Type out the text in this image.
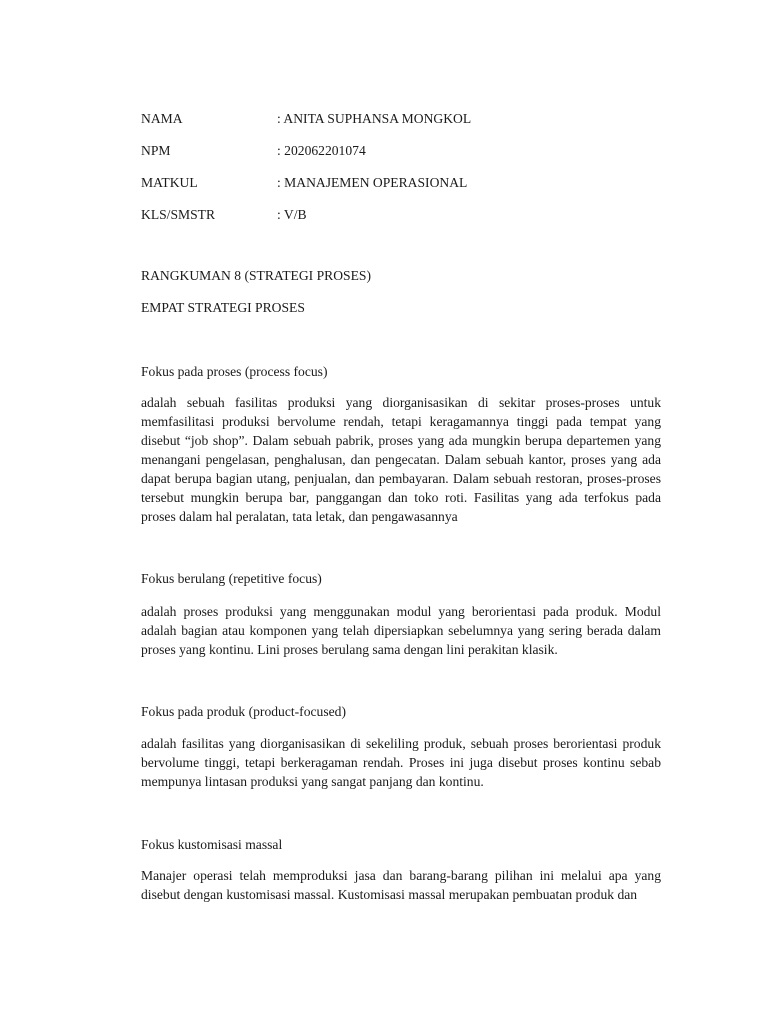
NAMA	: ANITA SUPHANSA MONGKOL
NPM	: 202062201074
MATKUL	: MANAJEMEN OPERASIONAL
KLS/SMSTR	: V/B
RANGKUMAN 8 (STRATEGI PROSES)
EMPAT STRATEGI PROSES
Fokus pada proses (process focus)
adalah sebuah fasilitas produksi yang diorganisasikan di sekitar proses-proses untuk memfasilitasi produksi bervolume rendah, tetapi keragamannya tinggi pada tempat yang disebut “job shop”. Dalam sebuah pabrik, proses yang ada mungkin berupa departemen yang menangani pengelasan, penghalusan, dan pengecatan. Dalam sebuah kantor, proses yang ada dapat berupa bagian utang, penjualan, dan pembayaran. Dalam sebuah restoran, proses-proses tersebut mungkin berupa bar, panggangan dan toko roti. Fasilitas yang ada terfokus pada proses dalam hal peralatan, tata letak, dan pengawasannya
Fokus berulang (repetitive focus)
adalah proses produksi yang menggunakan modul yang berorientasi pada produk. Modul adalah bagian atau komponen yang telah dipersiapkan sebelumnya yang sering berada dalam proses yang kontinu. Lini proses berulang sama dengan lini perakitan klasik.
Fokus pada produk (product-focused)
adalah fasilitas yang diorganisasikan di sekeliling produk, sebuah proses berorientasi produk bervolume tinggi, tetapi berkeragaman rendah. Proses ini juga disebut proses kontinu sebab mempunya lintasan produksi yang sangat panjang dan kontinu.
Fokus kustomisasi massal
Manajer operasi telah memproduksi jasa dan barang-barang pilihan ini melalui apa yang disebut dengan kustomisasi massal. Kustomisasi massal merupakan pembuatan produk dan
